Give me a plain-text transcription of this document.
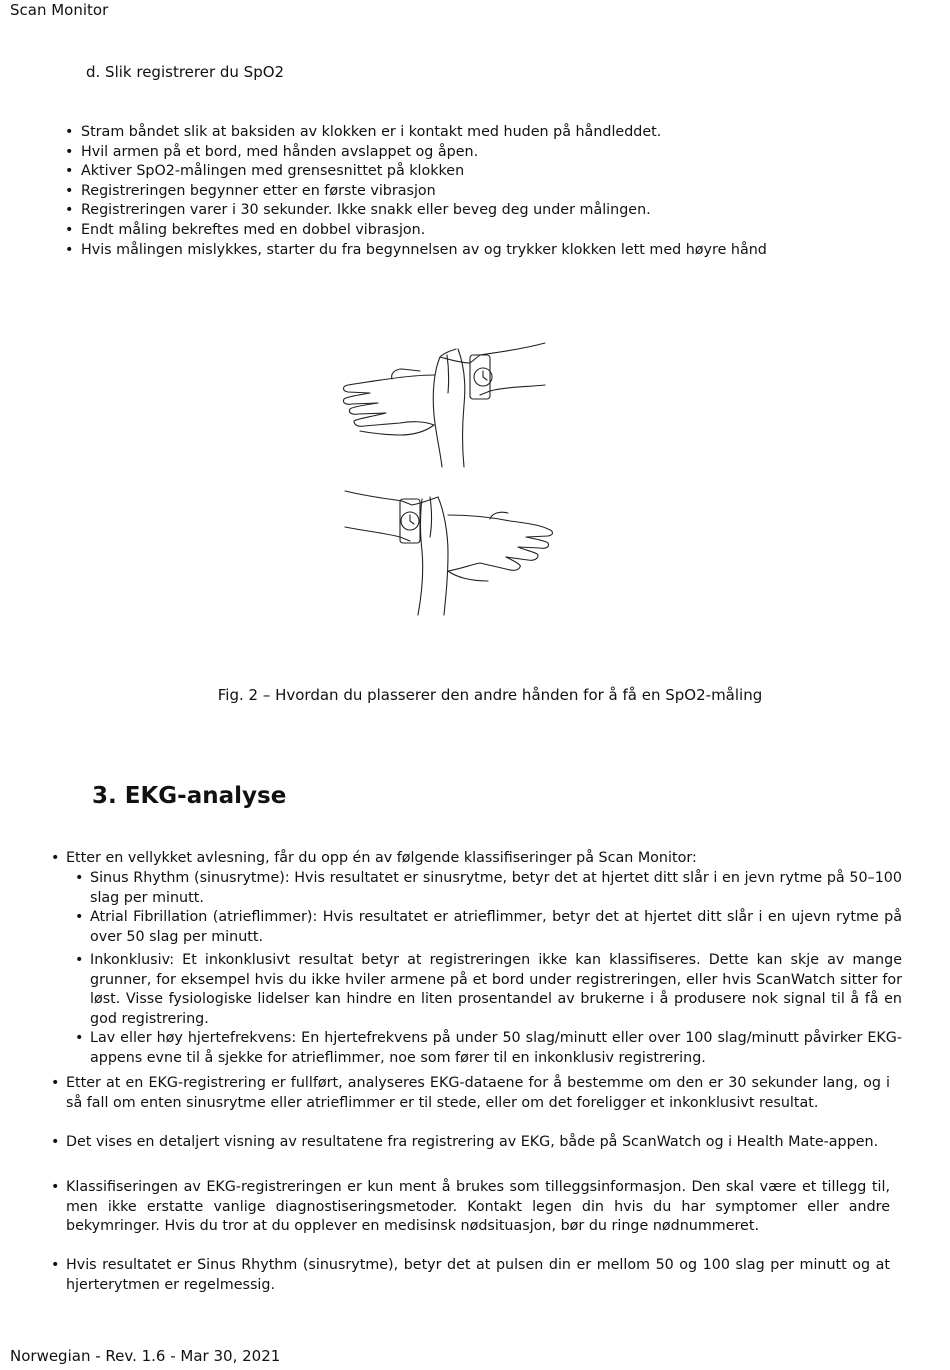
Scan Monitor
d. Slik registrerer du SpO2
• Stram båndet slik at baksiden av klokken er i kontakt med huden på håndleddet.
• Hvil armen på et bord, med hånden avslappet og åpen.
• Aktiver SpO2-målingen med grensesnittet på klokken
• Registreringen begynner etter en første vibrasjon
• Registreringen varer i 30 sekunder. Ikke snakk eller beveg deg under målingen.
• Endt måling bekreftes med en dobbel vibrasjon.
• Hvis målingen mislykkes, starter du fra begynnelsen av og trykker klokken lett med høyre hånd
Fig. 2 – Hvordan du plasserer den andre hånden for å få en SpO2-måling
3. EKG-analyse
• Etter en vellykket avlesning, får du opp én av følgende klassifiseringer på Scan Monitor:
• Sinus Rhythm (sinusrytme): Hvis resultatet er sinusrytme, betyr det at hjertet ditt slår i en jevn rytme på 50–100 slag per minutt.
• Atrial Fibrillation (atrieflimmer): Hvis resultatet er atrieflimmer, betyr det at hjertet ditt slår i en ujevn rytme på over 50 slag per minutt.
• Inkonklusiv: Et inkonklusivt resultat betyr at registreringen ikke kan klassifiseres. Dette kan skje av mange grunner, for eksempel hvis du ikke hviler armene på et bord under registreringen, eller hvis ScanWatch sitter for løst. Visse fysiologiske lidelser kan hindre en liten prosentandel av brukerne i å produsere nok signal til å få en god registrering.
• Lav eller høy hjertefrekvens: En hjertefrekvens på under 50 slag/minutt eller over 100 slag/minutt påvirker EKG-appens evne til å sjekke for atrieflimmer, noe som fører til en inkonklusiv registrering.
• Etter at en EKG-registrering er fullført, analyseres EKG-dataene for å bestemme om den er 30 sekunder lang, og i så fall om enten sinusrytme eller atrieflimmer er til stede, eller om det foreligger et inkonklusivt resultat.
• Det vises en detaljert visning av resultatene fra registrering av EKG, både på ScanWatch og i Health Mate-appen.
• Klassifiseringen av EKG-registreringen er kun ment å brukes som tilleggsinformasjon. Den skal være et tillegg til, men ikke erstatte vanlige diagnostiseringsmetoder. Kontakt legen din hvis du har symptomer eller andre bekymringer. Hvis du tror at du opplever en medisinsk nødsituasjon, bør du ringe nødnummeret.
• Hvis resultatet er Sinus Rhythm (sinusrytme), betyr det at pulsen din er mellom 50 og 100 slag per minutt og at hjerterytmen er regelmessig.
Norwegian - Rev. 1.6 - Mar 30, 2021
